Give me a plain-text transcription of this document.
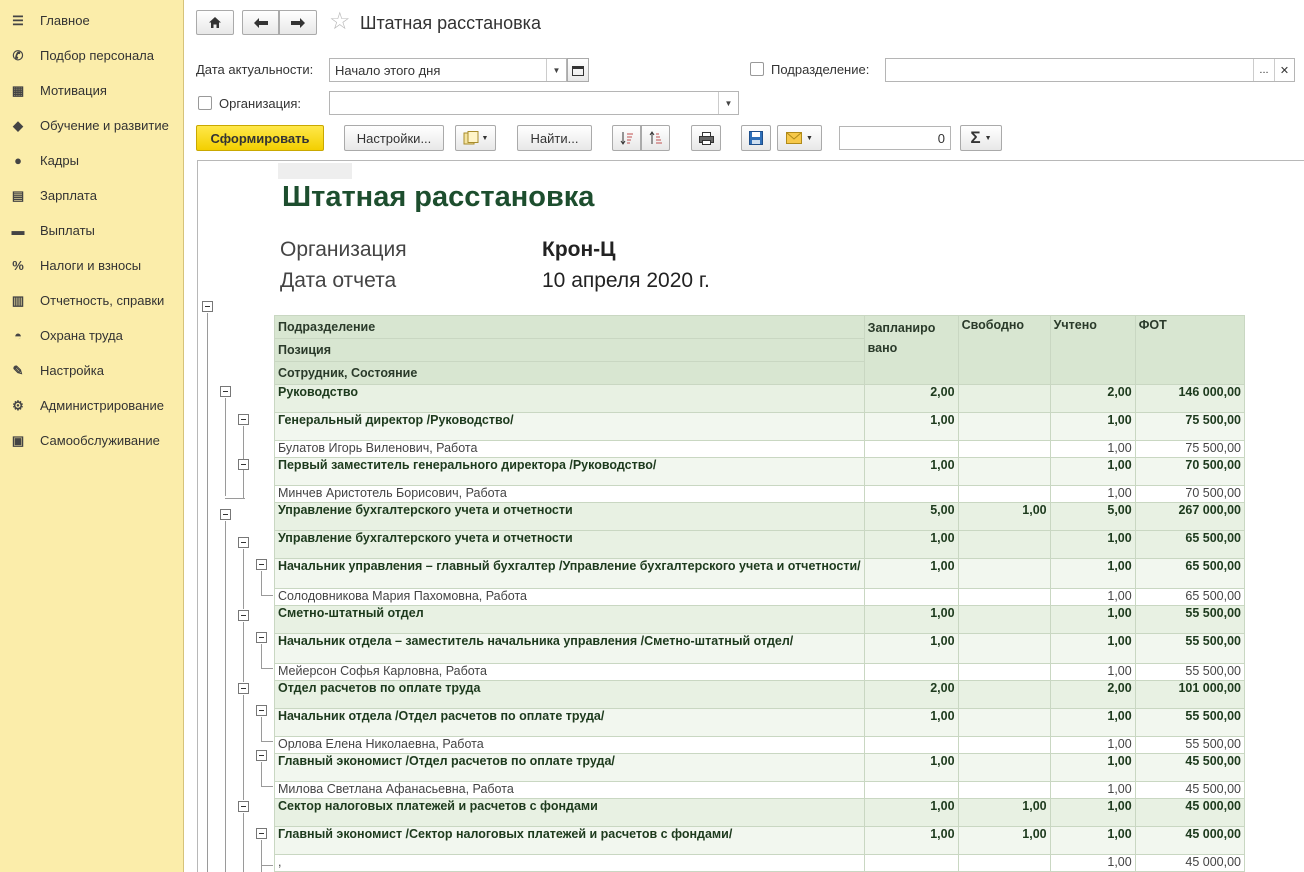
☰ Главное
✆ Подбор персонала
▦ Мотивация
◆ Обучение и развитие
●	Кадры
▤ Зарплата
▬ Выплаты
% Налоги и взносы
▥ Отчетность, справки
◓	Охрана труда
✎ Настройка
⚙ Администрирование
▣ Самообслуживание
☆ Штатная расстановка
Дата актуальности: Начало этого дня	▼	Подразделение:	...	✕
Организация:	▼
Сформировать	Настройки...	▼	Найти...	▼	0 Σ ▼
Штатная расстановка
Организация	Крон-Ц
Дата отчета	10 апреля 2020 г.
Подразделение	Запланиро вано	Свободно	Учтено	ФОТ
Позиция				
Сотрудник, Состояние				
Руководство	2,00		2,00	146 000,00
Генеральный директор /Руководство/	1,00		1,00	75 500,00
Булатов Игорь Виленович, Работа			1,00	75 500,00
Первый заместитель генерального директора /Руководство/	1,00		1,00	70 500,00
Минчев Аристотель Борисович, Работа			1,00	70 500,00
Управление бухгалтерского учета и отчетности	5,00	1,00	5,00	267 000,00
Управление бухгалтерского учета и отчетности	1,00		1,00	65 500,00
Начальник управления – главный бухгалтер /Управление бухгалтерского учета и отчетности/	1,00		1,00	65 500,00
Солодовникова Мария Пахомовна, Работа			1,00	65 500,00
Сметно-штатный отдел	1,00		1,00	55 500,00
Начальник отдела – заместитель начальника управления /Сметно-штатный отдел/	1,00		1,00	55 500,00
Мейерсон Софья Карловна, Работа			1,00	55 500,00
Отдел расчетов по оплате труда	2,00		2,00	101 000,00
Начальник отдела /Отдел расчетов по оплате труда/	1,00		1,00	55 500,00
Орлова Елена Николаевна, Работа			1,00	55 500,00
Главный экономист /Отдел расчетов по оплате труда/	1,00		1,00	45 500,00
Милова Светлана Афанасьевна, Работа			1,00	45 500,00
Сектор налоговых платежей и расчетов с фондами	1,00	1,00	1,00	45 000,00
Главный экономист /Сектор налоговых платежей и расчетов с фондами/	1,00	1,00	1,00	45 000,00
,			1,00	45 000,00
